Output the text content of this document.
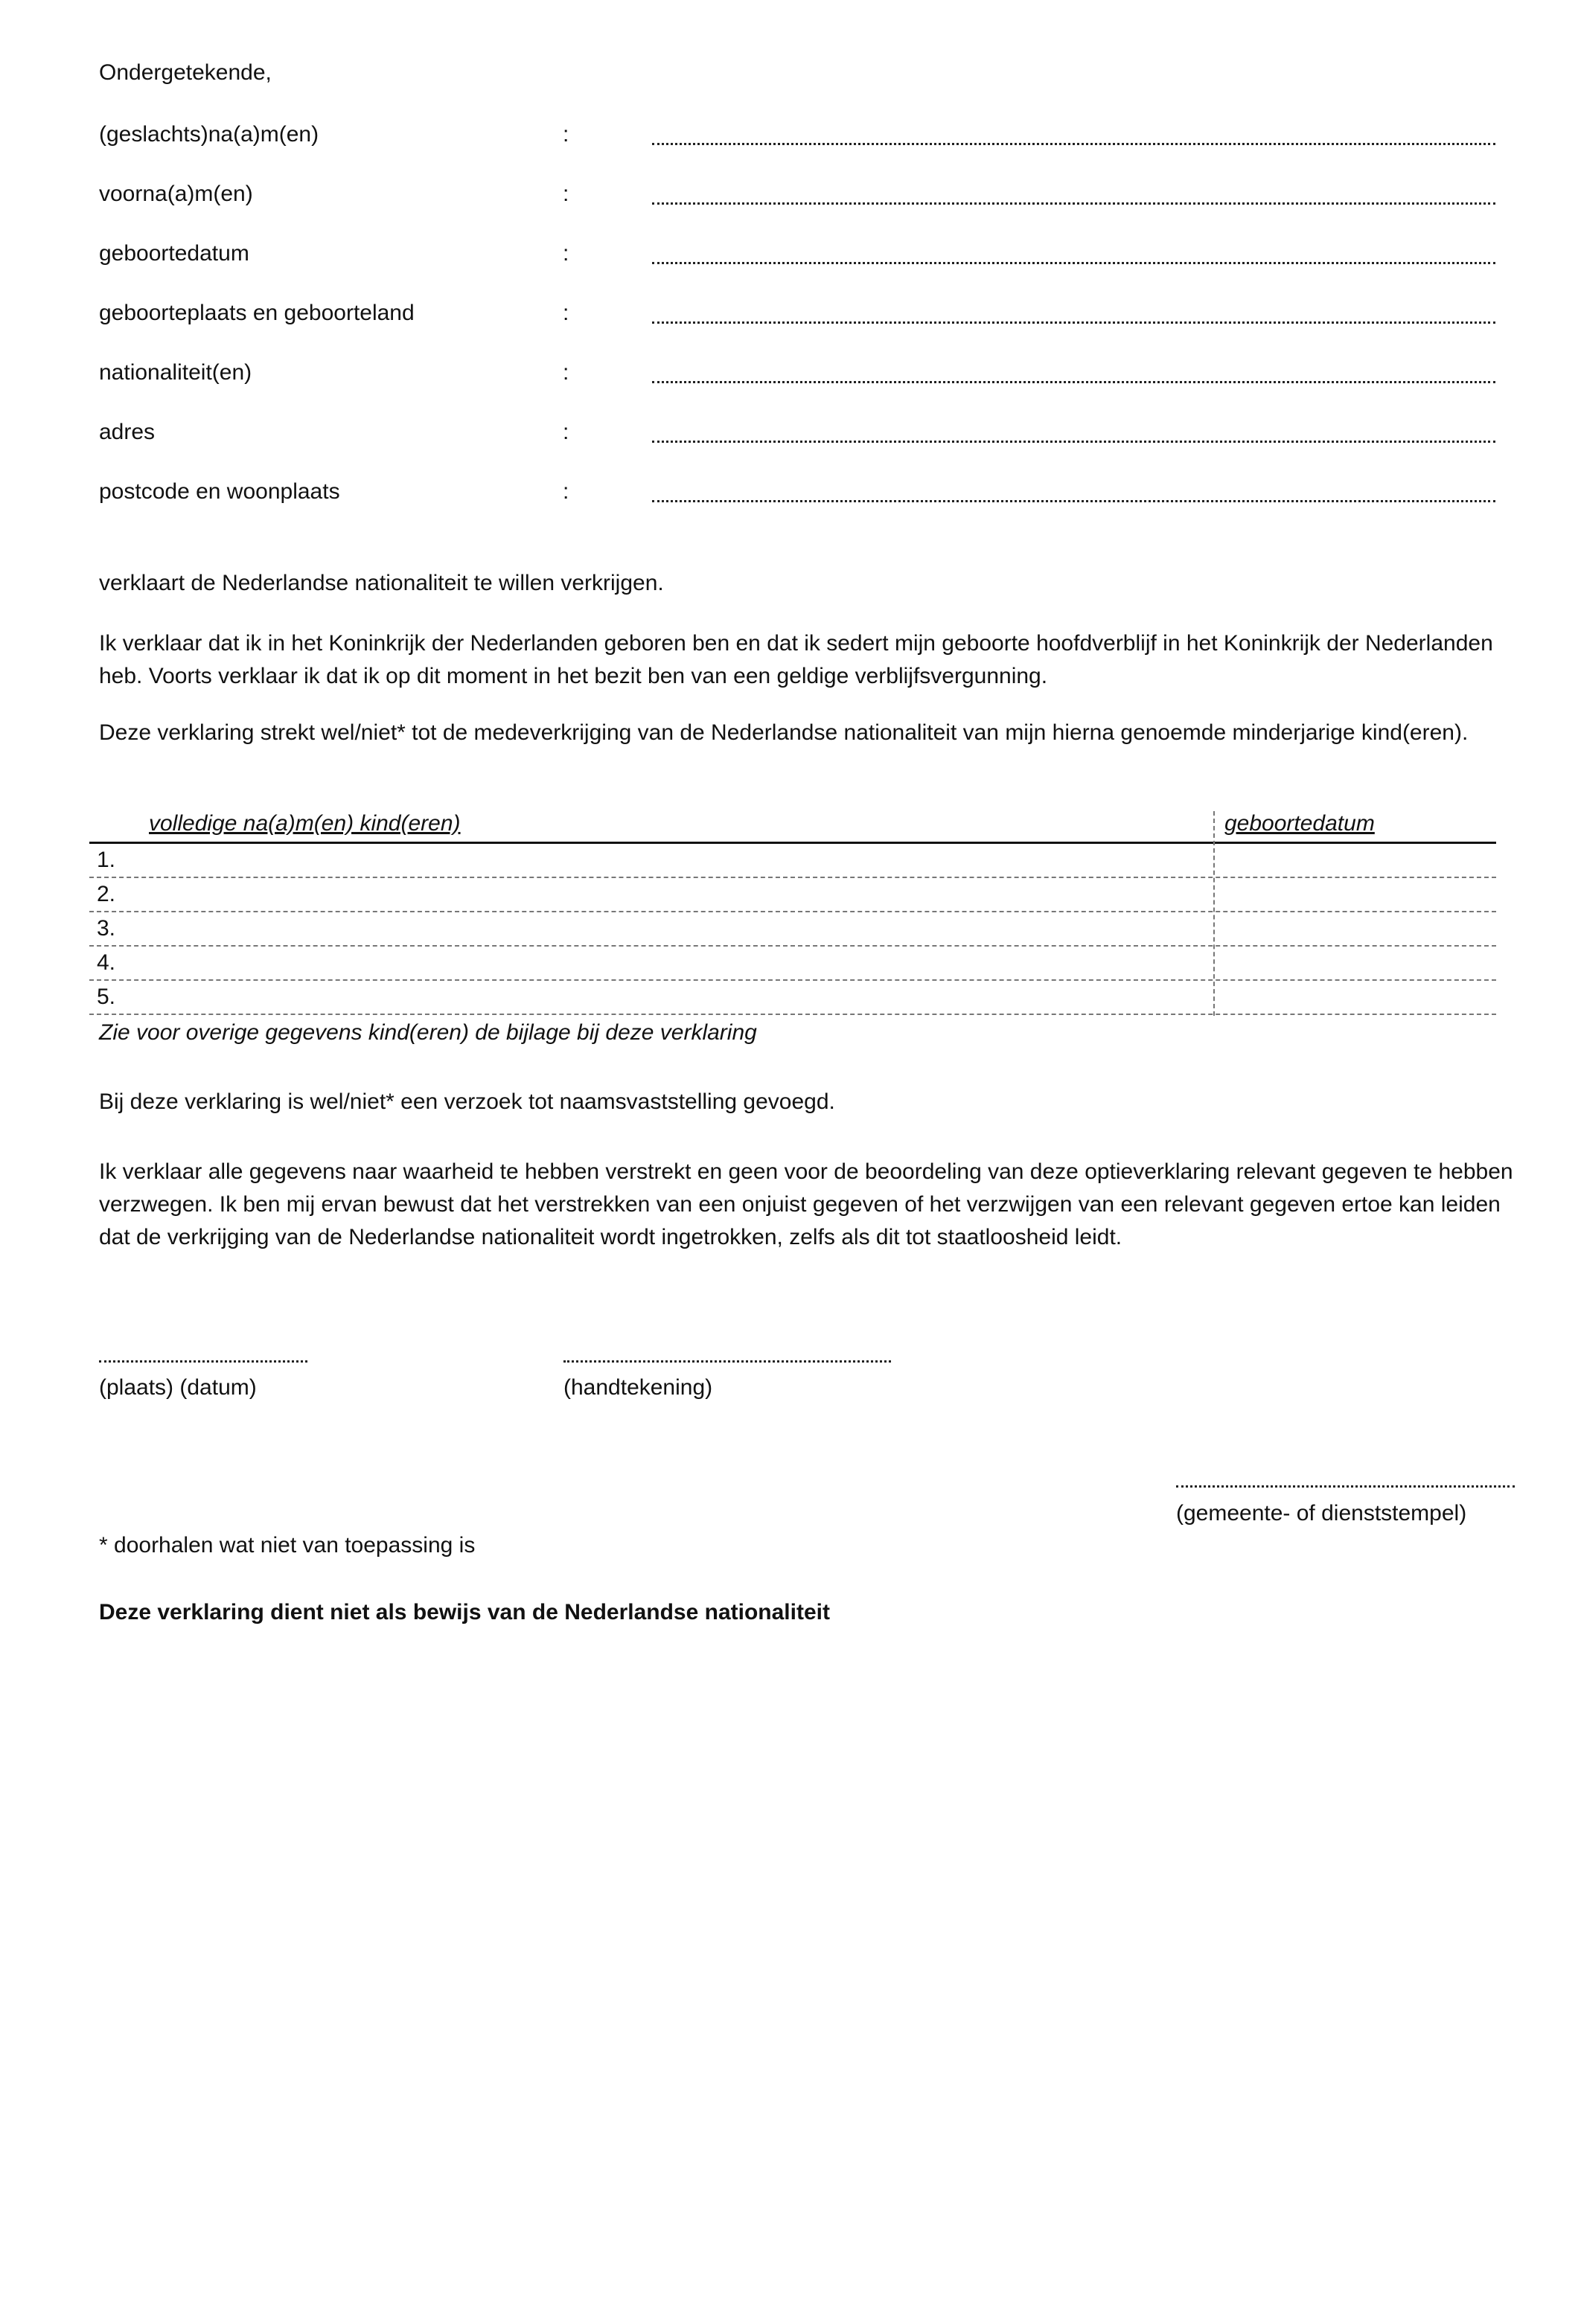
Ondergetekende,
(geslachts)na(a)m(en)	:
voorna(a)m(en)	:
geboortedatum	:
geboorteplaats en geboorteland	:
nationaliteit(en)	:
adres	:
postcode en woonplaats	:
verklaart de Nederlandse nationaliteit te willen verkrijgen.
Ik verklaar dat ik in het Koninkrijk der Nederlanden geboren ben en dat ik sedert mijn geboorte hoofdverblijf in het Koninkrijk der Nederlanden heb. Voorts verklaar ik dat ik op dit moment in het bezit ben van een geldige verblijfsvergunning.
Deze verklaring strekt wel/niet* tot de medeverkrijging van de Nederlandse nationaliteit van mijn hierna genoemde minderjarige kind(eren).
volledige na(a)m(en) kind(eren)	geboortedatum
1.
2.
3.
4.
5.
Zie voor overige gegevens kind(eren) de bijlage bij deze verklaring
Bij deze verklaring is wel/niet* een verzoek tot naamsvaststelling gevoegd.
Ik verklaar alle gegevens naar waarheid te hebben verstrekt en geen voor de beoordeling van deze optieverklaring relevant gegeven te hebben verzwegen. Ik ben mij ervan bewust dat het verstrekken van een onjuist gegeven of het verzwijgen van een relevant gegeven ertoe kan leiden dat de verkrijging van de Nederlandse nationaliteit wordt ingetrokken, zelfs als dit tot staatloosheid leidt.
(plaats) (datum)	(handtekening)
(gemeente- of dienststempel)
* doorhalen wat niet van toepassing is
Deze verklaring dient niet als bewijs van de Nederlandse nationaliteit
